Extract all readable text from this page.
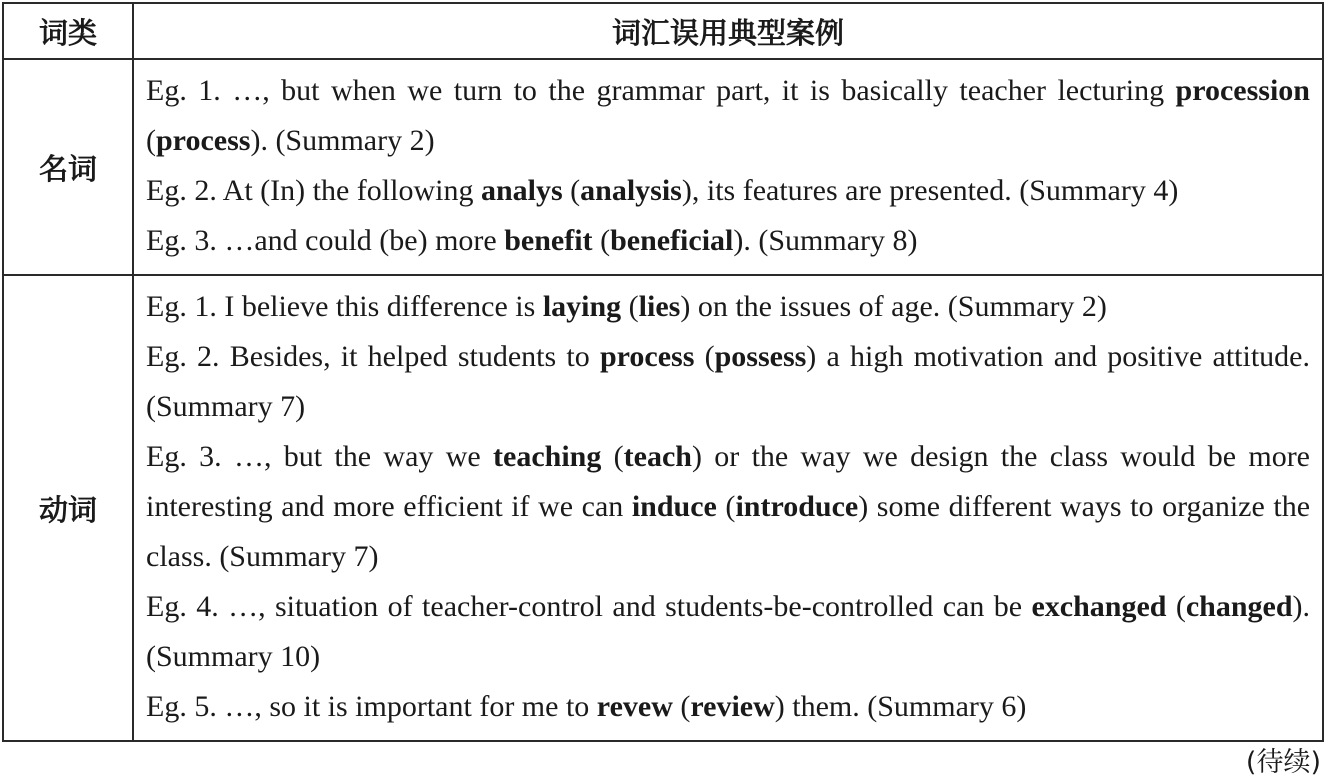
词类	词汇误用典型案例
名词	Eg. 1. …, but when we turn to the grammar part, it is basically teacher lecturing procession (process). (Summary 2)

Eg. 2. At (In) the following analys (analysis), its features are presented. (Summary 4)

Eg. 3. …and could (be) more benefit (beneficial). (Summary 8)

动词	Eg. 1. I believe this difference is laying (lies) on the issues of age. (Summary 2)

Eg. 2. Besides, it helped students to process (possess) a high motivation and positive attitude. (Summary 7)

Eg. 3. …, but the way we teaching (teach) or the way we design the class would be more interesting and more efficient if we can induce (introduce) some different ways to organize the class. (Summary 7)

Eg. 4. …, situation of teacher-control and students-be-controlled can be exchanged (changed). (Summary 10)

Eg. 5. …, so it is important for me to revew (review) them. (Summary 6)

(待续)
